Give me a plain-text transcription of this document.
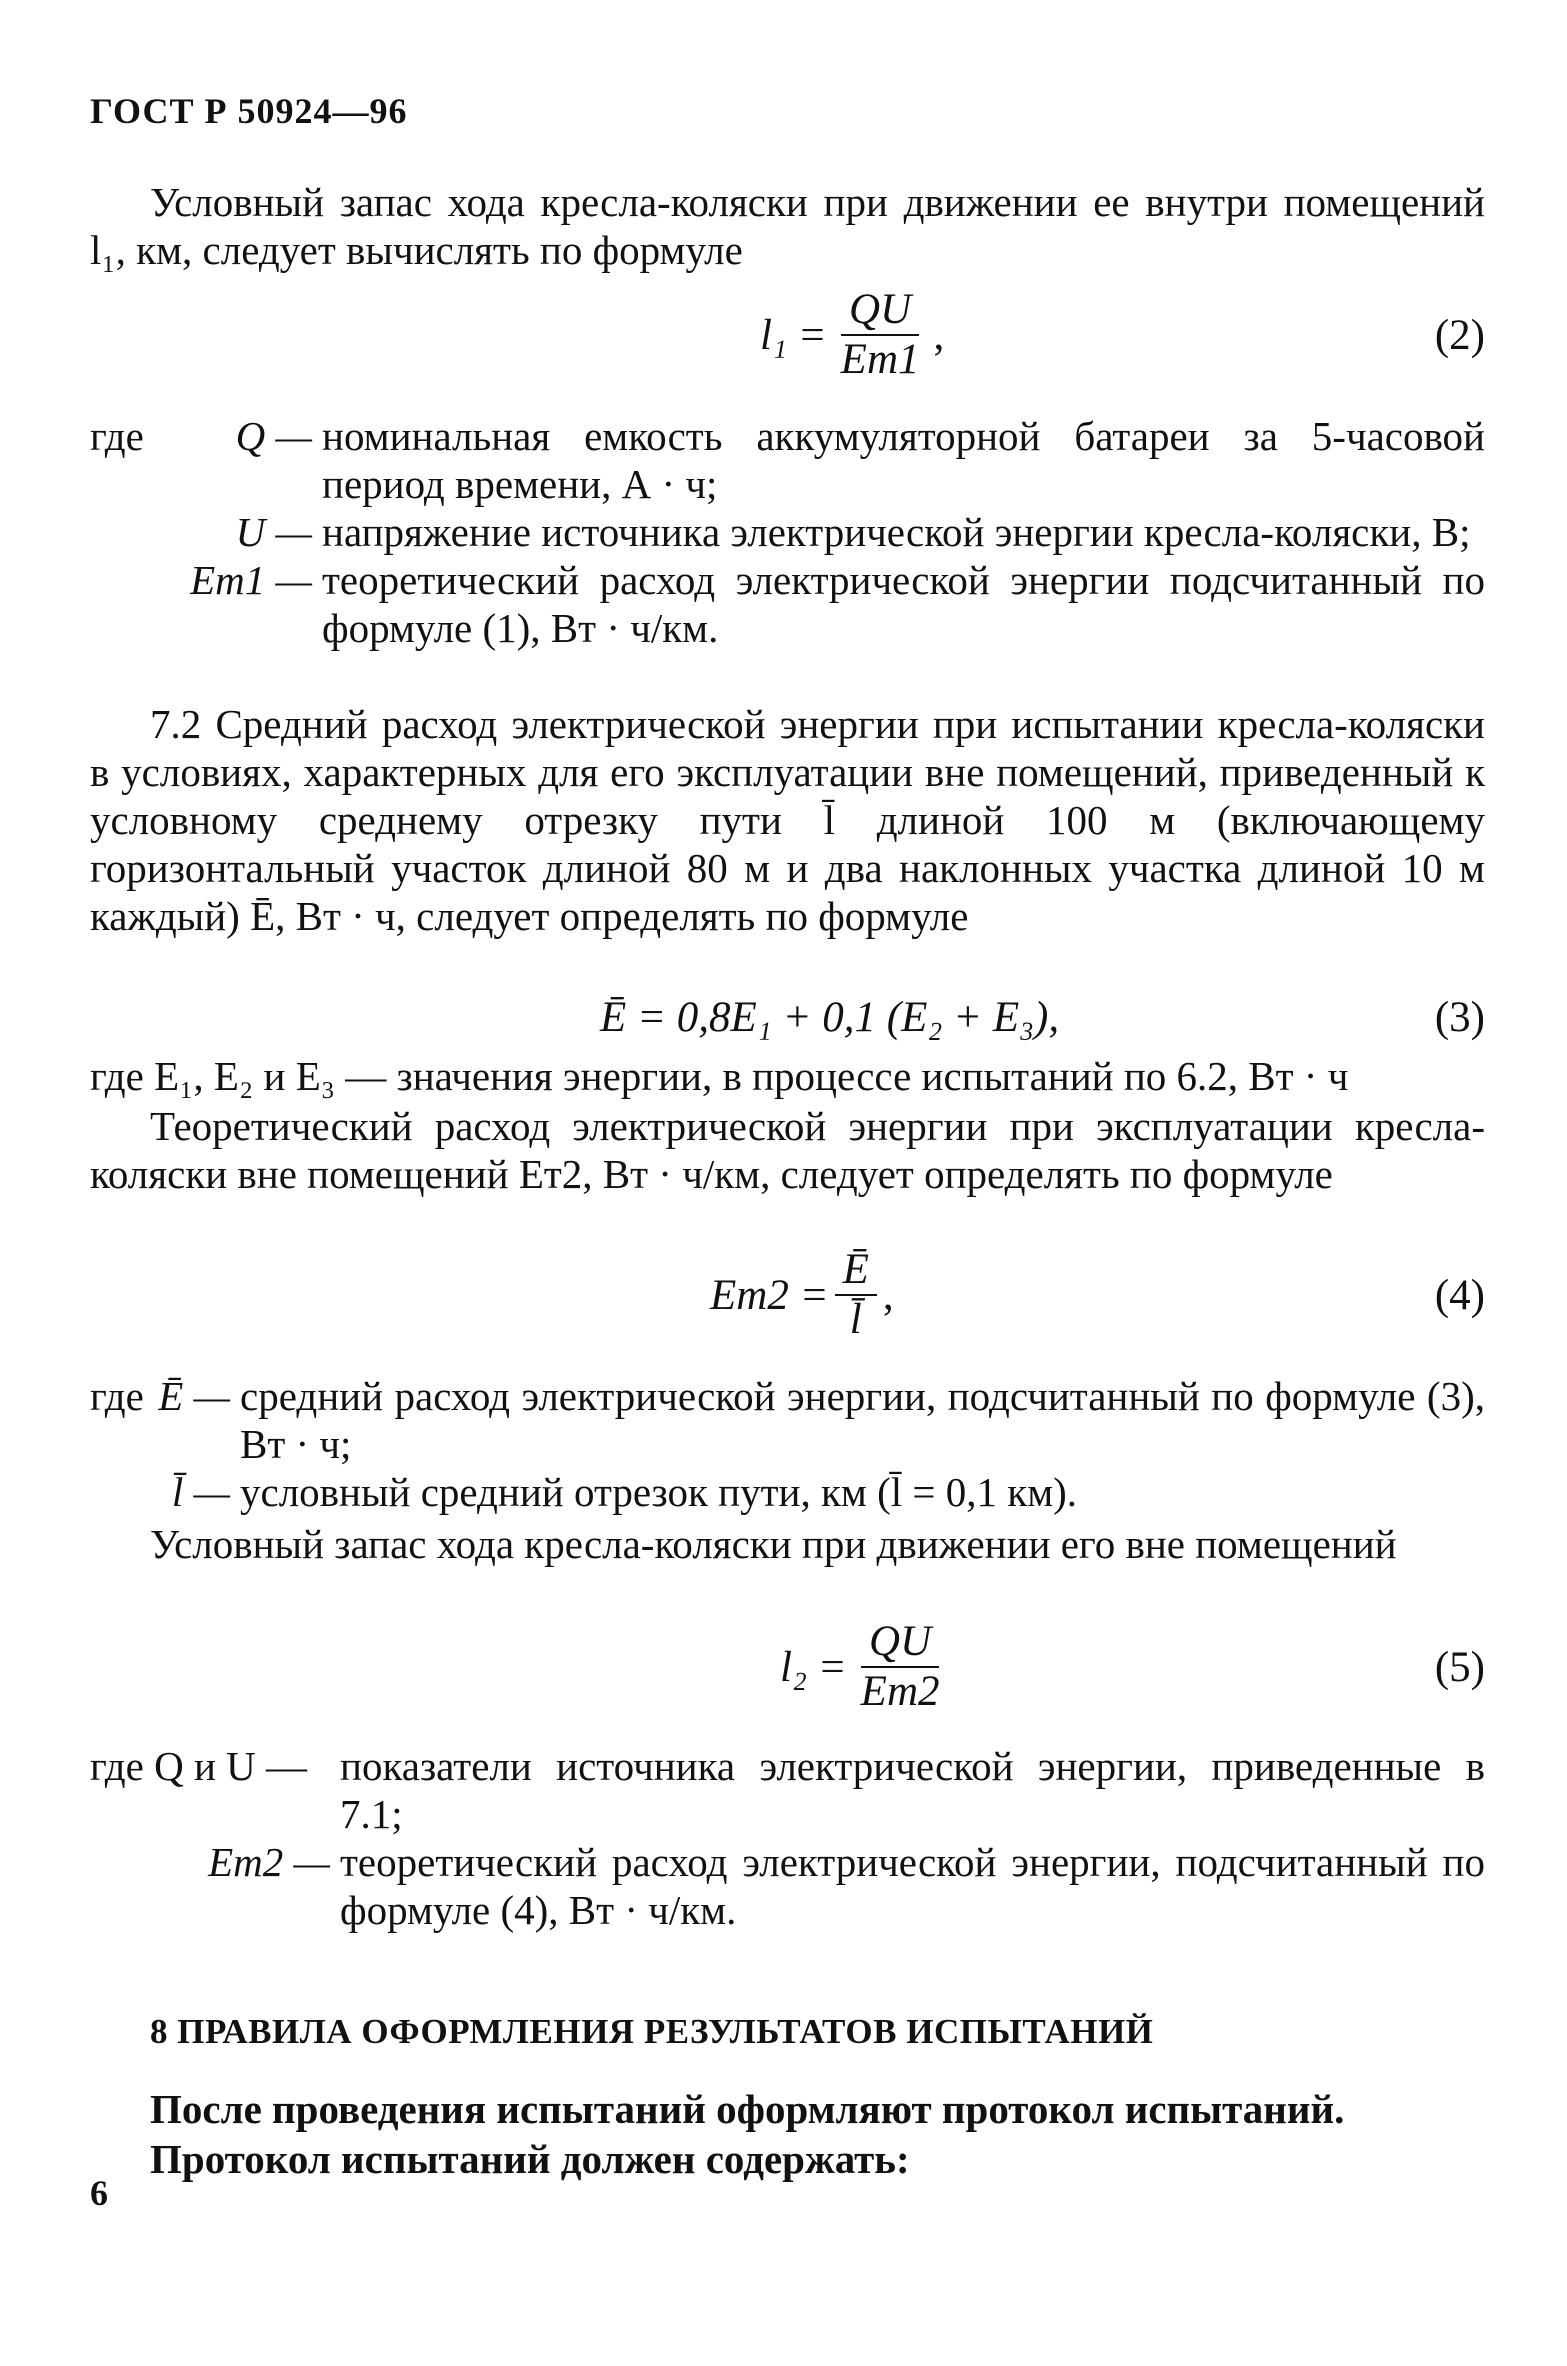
ГОСТ Р 50924—96

Условный запас хода кресла-коляски при движении ее внутри помещений l₁, км, следует вычислять по формуле

$l_1 = \frac{QU}{Eт1}$ ,	(2)
где	Q — номинальная емкость аккумуляторной батареи за 5-часовой период времени, А · ч;
U — напряжение источника электрической энергии кресла-коляски, В;
Eт1 — теоретический расход электрической энергии подсчитанный по формуле (1), Вт · ч/км.

7.2 Средний расход электрической энергии при испытании кресла-коляски в условиях, характерных для его эксплуатации вне помещений, приведенный к условному среднему отрезку пути l̄ длиной 100 м (включающему горизонтальный участок длиной 80 м и два наклонных участка длиной 10 м каждый) Ē, Вт · ч, следует определять по формуле

Ē = 0,8E₁ + 0,1 (E₂ + E₃),	(3)

где E₁, E₂ и E₃ — значения энергии, в процессе испытаний по 6.2, Вт · ч

Теоретический расход электрической энергии при эксплуатации кресла-коляски вне помещений Eт2, Вт · ч/км, следует определять по формуле

$Eт2 = \frac{Ē}{l̄}$ ,	(4)
где Ē — средний расход электрической энергии, подсчитанный по формуле (3), Вт · ч;
l̄ — условный средний отрезок пути, км (l̄ = 0,1 км).

Условный запас хода кресла-коляски при движении его вне помещений

$l_2 = \frac{QU}{Eт2}$	(5)
где Q и U — показатели источника электрической энергии, приведенные в 7.1;
Eт2 — теоретический расход электрической энергии, подсчитанный по формуле (4), Вт · ч/км.

8 ПРАВИЛА ОФОРМЛЕНИЯ РЕЗУЛЬТАТОВ ИСПЫТАНИЙ

После проведения испытаний оформляют протокол испытаний.

Протокол испытаний должен содержать:

6
